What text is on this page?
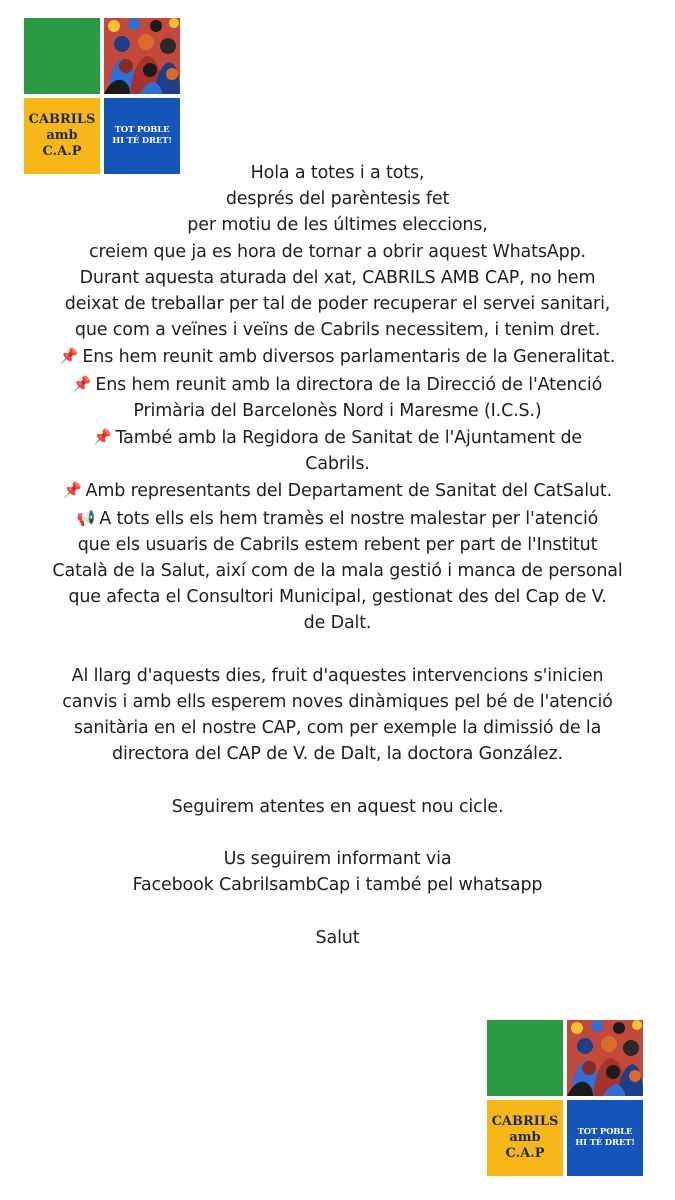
CABRILS
amb
C.A.P
TOT POBLE
HI TÉ DRET!

Hola a totes i a tots,

després del parèntesis fet

per motiu de les últimes eleccions,

creiem que ja es hora de tornar a obrir aquest WhatsApp.

Durant aquesta aturada del xat, CABRILS AMB CAP, no hem

deixat de treballar per tal de poder recuperar el servei sanitari,

que com a veïnes i veïns de Cabrils necessitem, i tenim dret.

📌 Ens hem reunit amb diversos parlamentaris de la Generalitat.

📌 Ens hem reunit amb la directora de la Direcció de l'Atenció

Primària del Barcelonès Nord i Maresme (I.C.S.)

📌 També amb la Regidora de Sanitat de l'Ajuntament de

Cabrils.

📌 Amb representants del Departament de Sanitat del CatSalut.

📢 A tots ells els hem tramès el nostre malestar per l'atenció

que els usuaris de Cabrils estem rebent per part de l'Institut

Català de la Salut, així com de la mala gestió i manca de personal

que afecta el Consultori Municipal, gestionat des del Cap de V.

de Dalt.

Al llarg d'aquests dies, fruit d'aquestes intervencions s'inicien

canvis i amb ells esperem noves dinàmiques pel bé de l'atenció

sanitària en el nostre CAP, com per exemple la dimissió de la

directora del CAP de V. de Dalt, la doctora González.

Seguirem atentes en aquest nou cicle.

Us seguirem informant via

Facebook CabrilsambCap i també pel whatsapp

Salut

CABRILS
amb
C.A.P
TOT POBLE
HI TÉ DRET!
